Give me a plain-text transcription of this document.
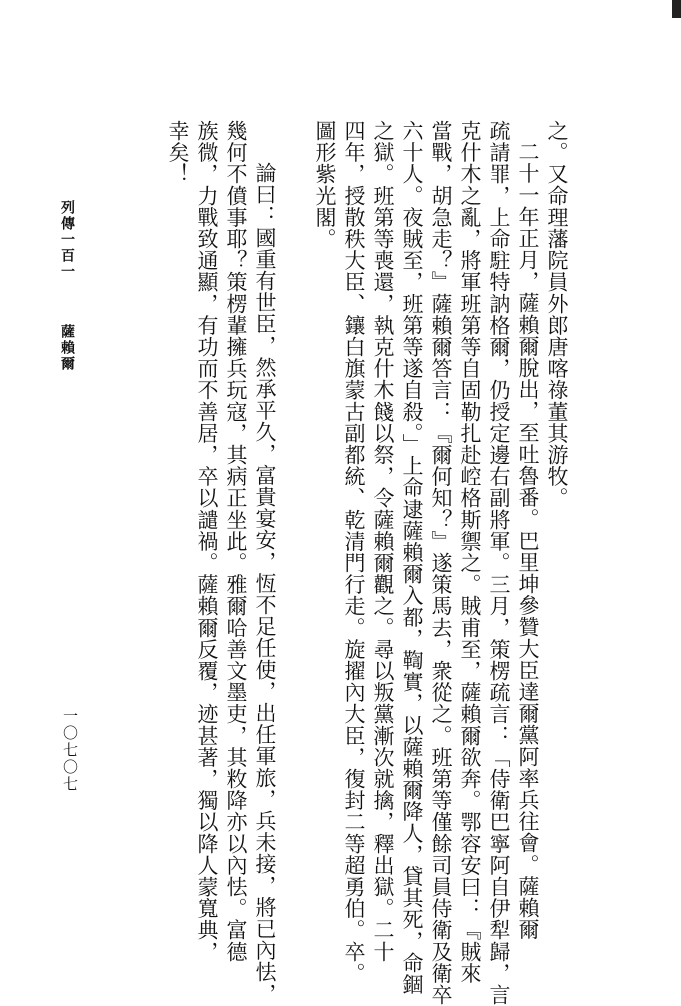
列傳一百一薩賴爾
一〇七〇七
之。又命理藩院員外郎唐喀祿董其游牧。
二十一年正月，薩賴爾脫出，至吐魯番。巴里坤參贊大臣達爾黨阿率兵往會。薩賴爾
疏請罪，上命駐特訥格爾，仍授定邊右副將軍。三月，策楞疏言：「侍衛巴寧阿自伊犁歸，言
克什木之亂，將軍班第等自固勒扎赴崆格斯禦之。賊甫至，薩賴爾欲奔。鄂容安曰：『賊來
當戰，胡急走？』薩賴爾答言：『爾何知？』遂策馬去，衆從之。班第等僅餘司員侍衛及衛卒
六十人。夜賊至，班第等遂自殺。」上命逮薩賴爾入都，鞫實，以薩賴爾降人，貸其死，命錮
之獄。班第等喪還，執克什木餞以祭，令薩賴爾觀之。尋以叛黨漸次就擒，釋出獄。二十
四年，授散秩大臣、鑲白旗蒙古副都統、乾清門行走。旋擢內大臣，復封二等超勇伯。卒。
圖形紫光閣。
論曰：國重有世臣，然承平久，富貴宴安，恆不足任使，出任軍旅，兵未接，將已內怯，
幾何不僨事耶？策楞輩擁兵玩寇，其病正坐此。雅爾哈善文墨吏，其敉降亦以內怯。富德
族微，力戰致通顯，有功而不善居，卒以譴禍。薩賴爾反覆，迹甚著，獨以降人蒙寬典，
幸矣！
